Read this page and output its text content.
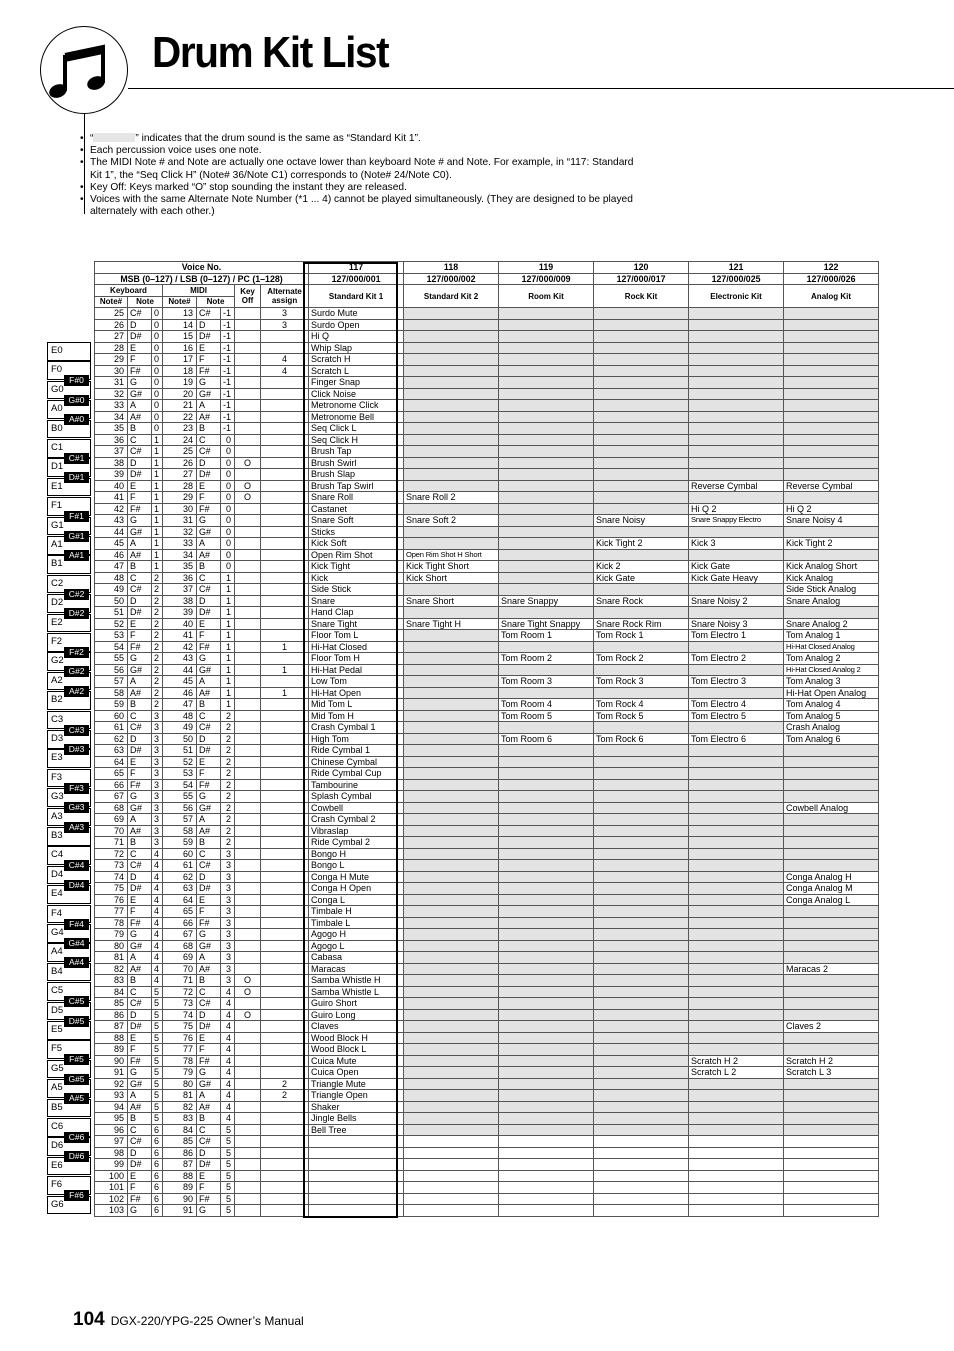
Drum Kit List
• “	” indicates that the drum sound is the same as “Standard Kit 1”.
• Each percussion voice uses one note.
• The MIDI Note # and Note are actually one octave lower than keyboard Note # and Note. For example, in “117: Standard Kit 1”, the “Seq Click H” (Note# 36/Note C1) corresponds to (Note# 24/Note C0).
• Key Off: Keys marked “O” stop sounding the instant they are released.
• Voices with the same Alternate Note Number (*1 ... 4) cannot be played simultaneously. (They are designed to be played alternately with each other.)
E0
F0
G0
A0
B0
C1
D1
E1
F1
G1
A1
B1
C2
D2
E2
F2
G2
A2
B2
C3
D3
E3
F3
G3
A3
B3
C4
D4
E4
F4
G4
A4
B4
C5
D5
E5
F5
G5
A5
B5
C6
D6
E6
F6
G6
F#0
G#0
A#0
C#1
D#1
F#1
G#1
A#1
C#2
D#2
F#2
G#2
A#2
C#3
D#3
F#3
G#3
A#3
C#4
D#4
F#4
G#4
A#4
C#5
D#5
F#5
G#5
A#5
C#6
D#6
F#6
Voice No.								117	118	119	120	121	122
MSB (0–127) / LSB (0–127) / PC (1–128)								127/000/001	127/000/002	127/000/009	127/000/017	127/000/025	127/000/026
Keyboard			MIDI			Key Off	Alternate assign	Standard Kit 1	Standard Kit 2	Room Kit	Rock Kit	Electronic Kit	Analog Kit
Note#	Note		Note#	Note									
25	C#	0	13	C#	-1		3	Surdo Mute					
26	D	0	14	D	-1		3	Surdo Open					
27	D#	0	15	D#	-1			Hi Q					
28	E	0	16	E	-1			Whip Slap					
29	F	0	17	F	-1		4	Scratch H					
30	F#	0	18	F#	-1		4	Scratch L					
31	G	0	19	G	-1			Finger Snap					
32	G#	0	20	G#	-1			Click Noise					
33	A	0	21	A	-1			Metronome Click					
34	A#	0	22	A#	-1			Metronome Bell					
35	B	0	23	B	-1			Seq Click L					
36	C	1	24	C	0			Seq Click H					
37	C#	1	25	C#	0			Brush Tap					
38	D	1	26	D	0	O		Brush Swirl					
39	D#	1	27	D#	0			Brush Slap					
40	E	1	28	E	0	O		Brush Tap Swirl				Reverse Cymbal	Reverse Cymbal
41	F	1	29	F	0	O		Snare Roll	Snare Roll 2				
42	F#	1	30	F#	0			Castanet				Hi Q 2	Hi Q 2
43	G	1	31	G	0			Snare Soft	Snare Soft 2		Snare Noisy	Snare Snappy Electro	Snare Noisy 4
44	G#	1	32	G#	0			Sticks					
45	A	1	33	A	0			Kick Soft			Kick Tight 2	Kick 3	Kick Tight 2
46	A#	1	34	A#	0			Open Rim Shot	Open Rim Shot H Short				
47	B	1	35	B	0			Kick Tight	Kick Tight Short		Kick 2	Kick Gate	Kick Analog Short
48	C	2	36	C	1			Kick	Kick Short		Kick Gate	Kick Gate Heavy	Kick Analog
49	C#	2	37	C#	1			Side Stick					Side Stick Analog
50	D	2	38	D	1			Snare	Snare Short	Snare Snappy	Snare Rock	Snare Noisy 2	Snare Analog
51	D#	2	39	D#	1			Hand Clap					
52	E	2	40	E	1			Snare Tight	Snare Tight H	Snare Tight Snappy	Snare Rock Rim	Snare Noisy 3	Snare Analog 2
53	F	2	41	F	1			Floor Tom L		Tom Room 1	Tom Rock 1	Tom Electro 1	Tom Analog 1
54	F#	2	42	F#	1		1	Hi-Hat Closed					Hi-Hat Closed Analog
55	G	2	43	G	1			Floor Tom H		Tom Room 2	Tom Rock 2	Tom Electro 2	Tom Analog 2
56	G#	2	44	G#	1		1	Hi-Hat Pedal					Hi-Hat Closed Analog 2
57	A	2	45	A	1			Low Tom		Tom Room 3	Tom Rock 3	Tom Electro 3	Tom Analog 3
58	A#	2	46	A#	1		1	Hi-Hat Open					Hi-Hat Open Analog
59	B	2	47	B	1			Mid Tom L		Tom Room 4	Tom Rock 4	Tom Electro 4	Tom Analog 4
60	C	3	48	C	2			Mid Tom H		Tom Room 5	Tom Rock 5	Tom Electro 5	Tom Analog 5
61	C#	3	49	C#	2			Crash Cymbal 1					Crash Analog
62	D	3	50	D	2			High Tom		Tom Room 6	Tom Rock 6	Tom Electro 6	Tom Analog 6
63	D#	3	51	D#	2			Ride Cymbal 1					
64	E	3	52	E	2			Chinese Cymbal					
65	F	3	53	F	2			Ride Cymbal Cup					
66	F#	3	54	F#	2			Tambourine					
67	G	3	55	G	2			Splash Cymbal					
68	G#	3	56	G#	2			Cowbell					Cowbell Analog
69	A	3	57	A	2			Crash Cymbal 2					
70	A#	3	58	A#	2			Vibraslap					
71	B	3	59	B	2			Ride Cymbal 2					
72	C	4	60	C	3			Bongo H					
73	C#	4	61	C#	3			Bongo L					
74	D	4	62	D	3			Conga H Mute					Conga Analog H
75	D#	4	63	D#	3			Conga H Open					Conga Analog M
76	E	4	64	E	3			Conga L					Conga Analog L
77	F	4	65	F	3			Timbale H					
78	F#	4	66	F#	3			Timbale L					
79	G	4	67	G	3			Agogo H					
80	G#	4	68	G#	3			Agogo L					
81	A	4	69	A	3			Cabasa					
82	A#	4	70	A#	3			Maracas					Maracas 2
83	B	4	71	B	3	O		Samba Whistle H					
84	C	5	72	C	4	O		Samba Whistle L					
85	C#	5	73	C#	4			Guiro Short					
86	D	5	74	D	4	O		Guiro Long					
87	D#	5	75	D#	4			Claves					Claves 2
88	E	5	76	E	4			Wood Block H					
89	F	5	77	F	4			Wood Block L					
90	F#	5	78	F#	4			Cuica Mute				Scratch H 2	Scratch H 2
91	G	5	79	G	4			Cuica Open				Scratch L 2	Scratch L 3
92	G#	5	80	G#	4		2	Triangle Mute					
93	A	5	81	A	4		2	Triangle Open					
94	A#	5	82	A#	4			Shaker					
95	B	5	83	B	4			Jingle Bells					
96	C	6	84	C	5			Bell Tree					
97	C#	6	85	C#	5								
98	D	6	86	D	5								
99	D#	6	87	D#	5								
100	E	6	88	E	5								
101	F	6	89	F	5								
102	F#	6	90	F#	5								
103	G	6	91	G	5								
104 DGX-220/YPG-225 Owner’s Manual
